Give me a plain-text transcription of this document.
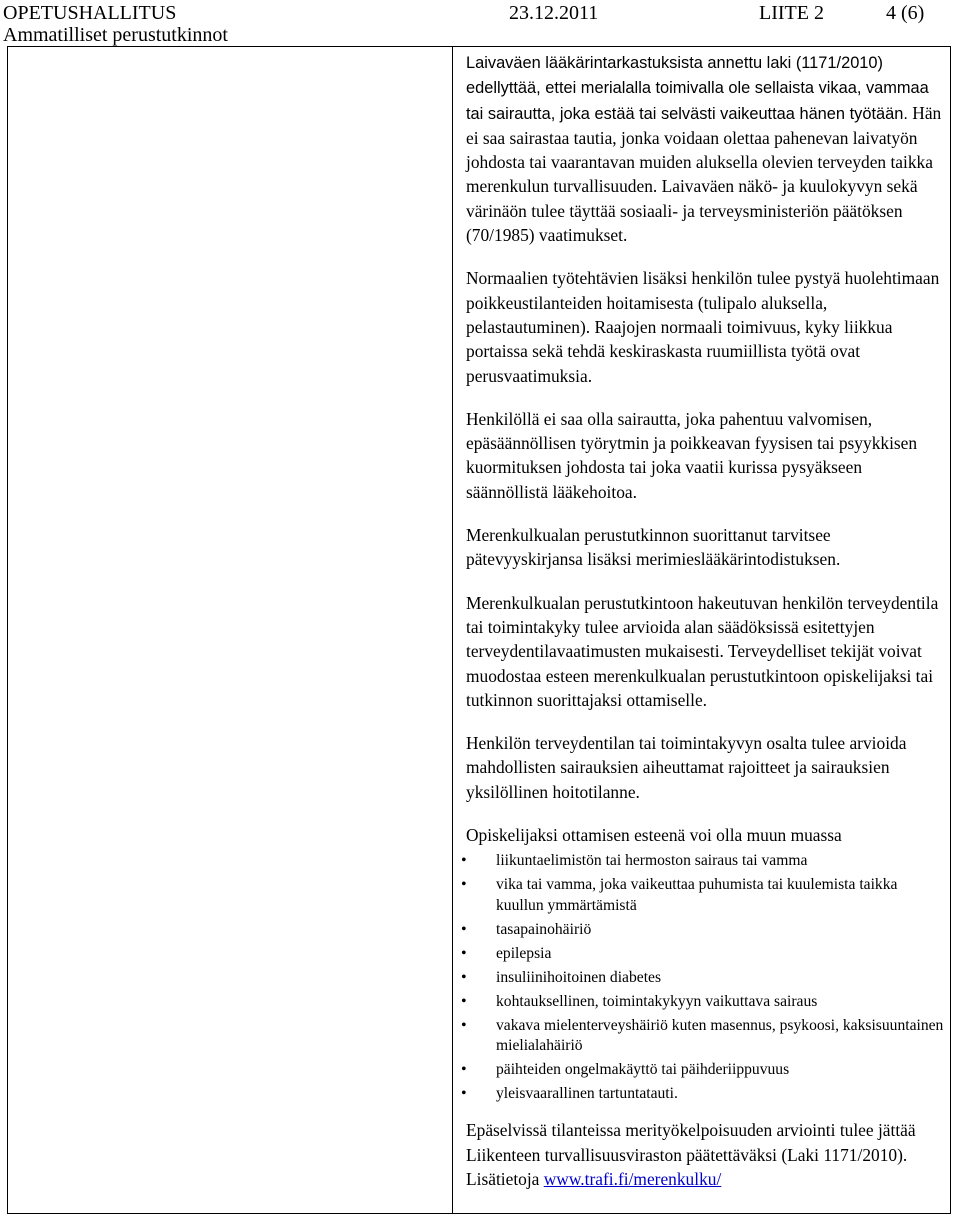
OPETUSHALLITUS	23.12.2011	LIITE 2	4 (6)
Ammatilliset perustutkinnot

Laivaväen lääkärintarkastuksista annettu laki (1171/2010) edellyttää, ettei merialalla toimivalla ole sellaista vikaa, vammaa tai sairautta, joka estää tai selvästi vaikeuttaa hänen työtään. Hän ei saa sairastaa tautia, jonka voidaan olettaa pahenevan laivatyön johdosta tai vaarantavan muiden aluksella olevien terveyden taikka merenkulun turvallisuuden. Laivaväen näkö- ja kuulokyvyn sekä värinäön tulee täyttää sosiaali- ja terveysministeriön päätöksen (70/1985) vaatimukset.

Normaalien työtehtävien lisäksi henkilön tulee pystyä huolehtimaan poikkeustilanteiden hoitamisesta (tulipalo aluksella, pelastautuminen). Raajojen normaali toimivuus, kyky liikkua portaissa sekä tehdä keskiraskasta ruumiillista työtä ovat perusvaatimuksia.

Henkilöllä ei saa olla sairautta, joka pahentuu valvomisen, epäsäännöllisen työrytmin ja poikkeavan fyysisen tai psyykkisen kuormituksen johdosta tai joka vaatii kurissa pysyäkseen säännöllistä lääkehoitoa.

Merenkulkualan perustutkinnon suorittanut tarvitsee pätevyyskirjansa lisäksi merimieslääkärintodistuksen.

Merenkulkualan perustutkintoon hakeutuvan henkilön terveydentila tai toimintakyky tulee arvioida alan säädöksissä esitettyjen terveydentilavaatimusten mukaisesti. Terveydelliset tekijät voivat muodostaa esteen merenkulkualan perustutkintoon opiskelijaksi tai tutkinnon suorittajaksi ottamiselle.

Henkilön terveydentilan tai toimintakyvyn osalta tulee arvioida mahdollisten sairauksien aiheuttamat rajoitteet ja sairauksien yksilöllinen hoitotilanne.

Opiskelijaksi ottamisen esteenä voi olla muun muassa

• liikuntaelimistön tai hermoston sairaus tai vamma
• vika tai vamma, joka vaikeuttaa puhumista tai kuulemista taikka kuullun ymmärtämistä
• tasapainohäiriö
• epilepsia
• insuliinihoitoinen diabetes
• kohtauksellinen, toimintakykyyn vaikuttava sairaus
• vakava mielenterveyshäiriö kuten masennus, psykoosi, kaksisuuntainen mielialahäiriö
• päihteiden ongelmakäyttö tai päihderiippuvuus
• yleisvaarallinen tartuntatauti.

Epäselvissä tilanteissa merityökelpoisuuden arviointi tulee jättää Liikenteen turvallisuusviraston päätettäväksi (Laki 1171/2010).

Lisätietoja www.trafi.fi/merenkulku/
